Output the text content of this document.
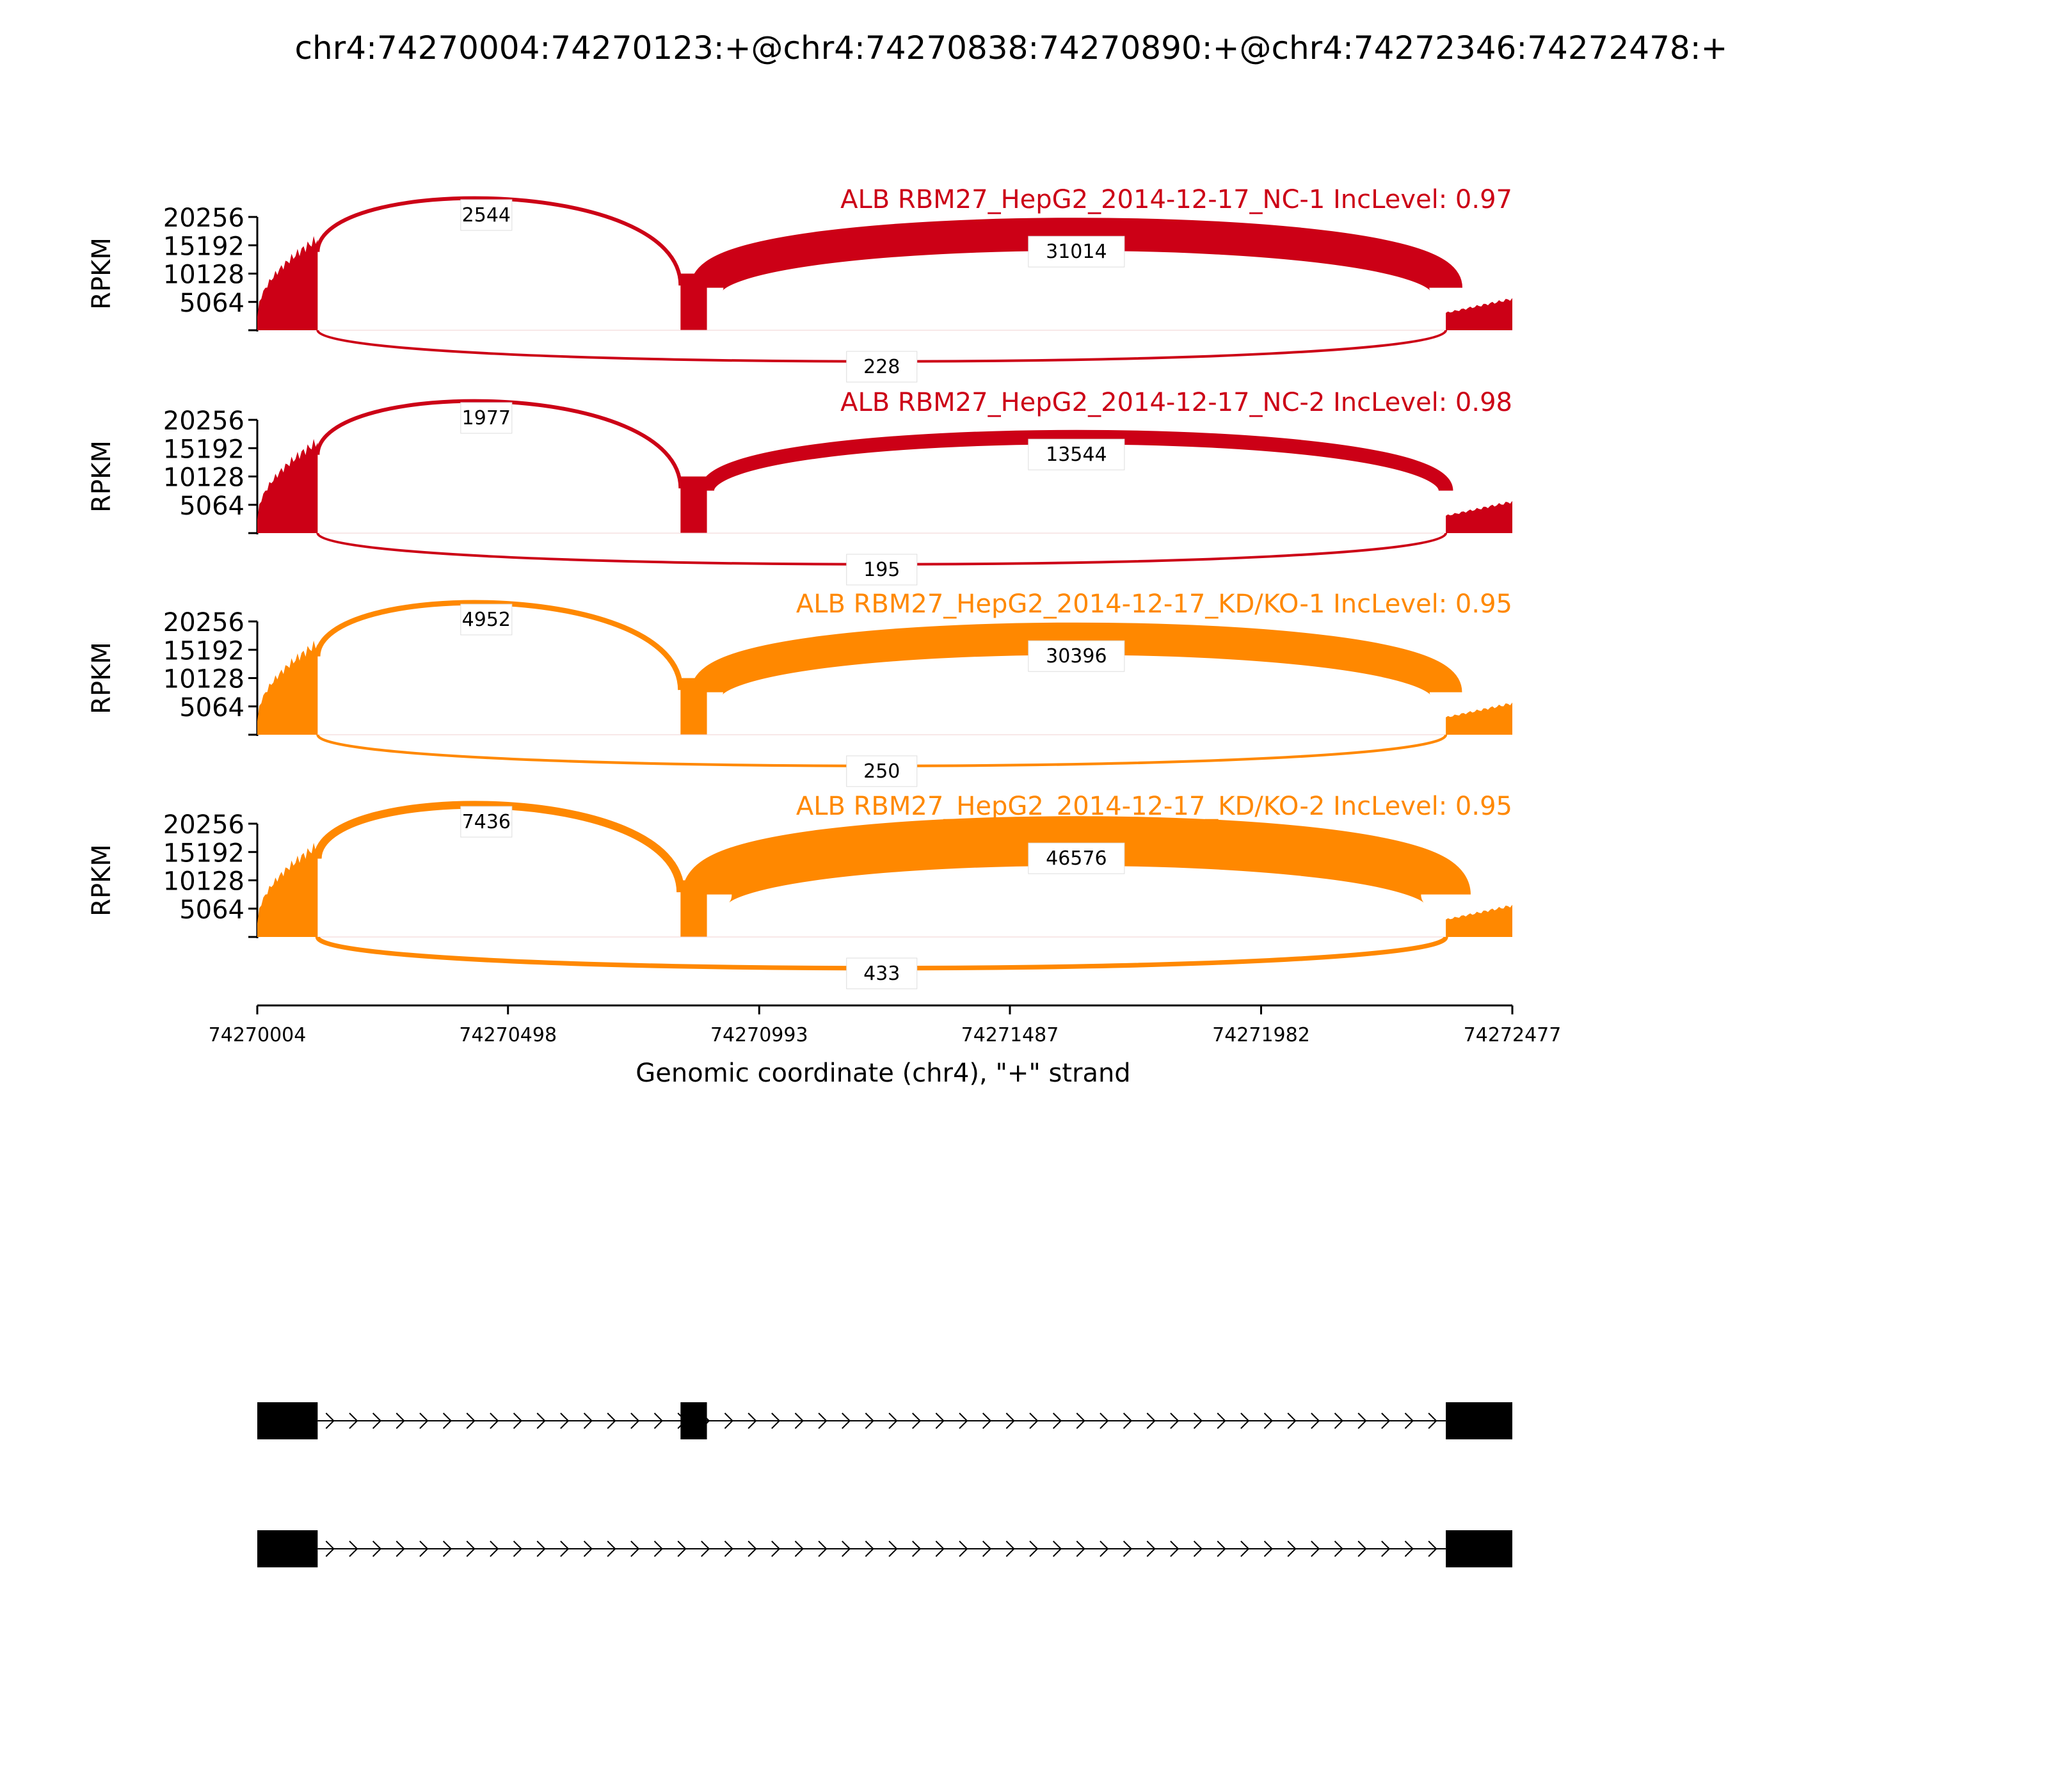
chr4:74270004:74270123:+@chr4:74270838:74270890:+@chr4:74272346:74272478:+
5064
10128
15192
20256
RPKM
2544
31014
228
ALB RBM27_HepG2_2014-12-17_NC-1 IncLevel: 0.97
5064
10128
15192
20256
RPKM
1977
13544
195
ALB RBM27_HepG2_2014-12-17_NC-2 IncLevel: 0.98
5064
10128
15192
20256
RPKM
4952
30396
250
ALB RBM27_HepG2_2014-12-17_KD/KO-1 IncLevel: 0.95
5064
10128
15192
20256
RPKM
7436
46576
433
ALB RBM27_HepG2_2014-12-17_KD/KO-2 IncLevel: 0.95
74270004	74270498	74270993	74271487	74271982	74272477
Genomic coordinate (chr4), "+" strand
